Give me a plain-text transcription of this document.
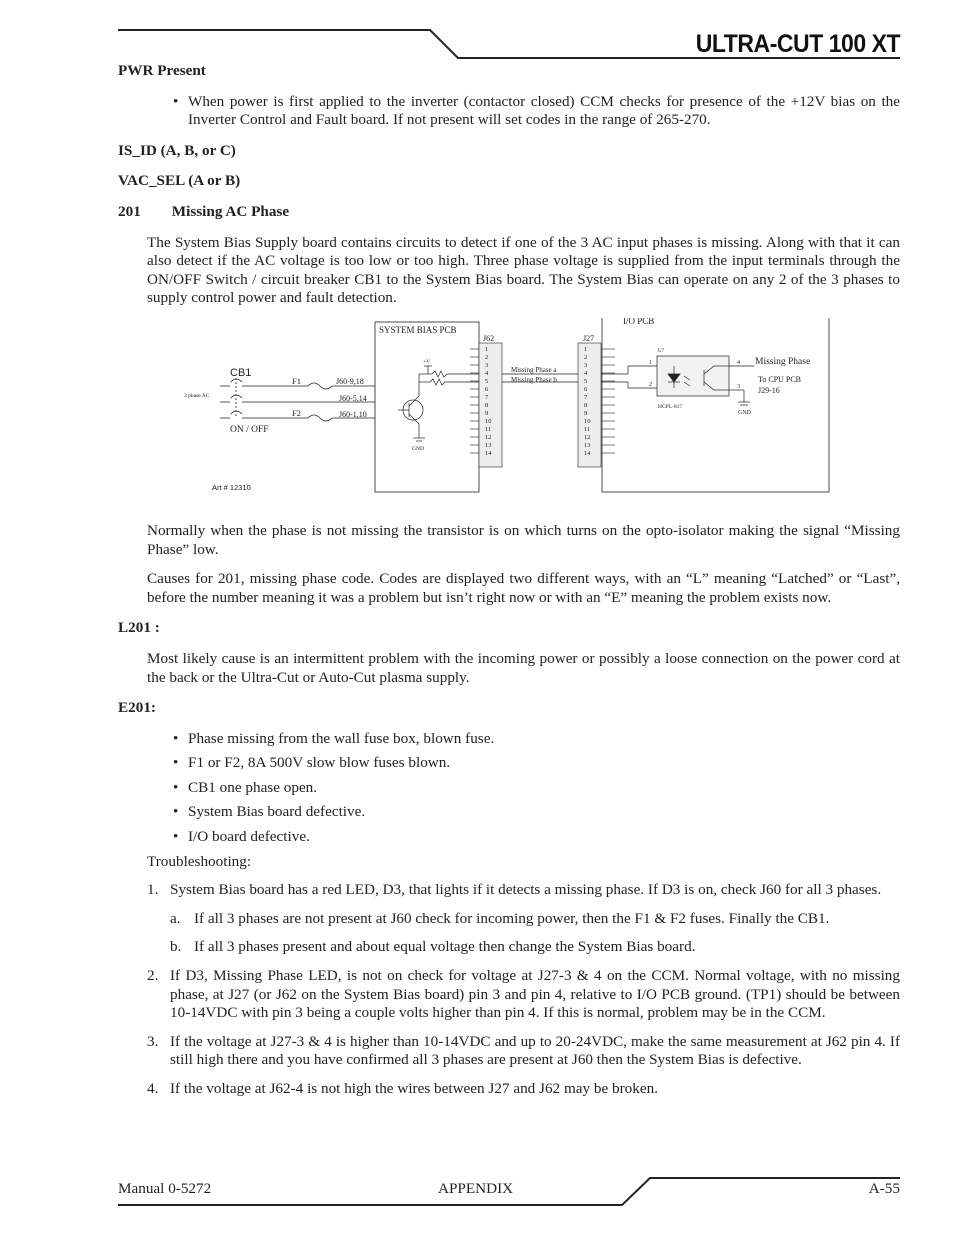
ULTRA-CUT 100 XT

PWR Present

• When power is first applied to the inverter (contactor closed) CCM checks for presence of the +12V bias on the Inverter Control and Fault board. If not present will set codes in the range of 265-270.

IS_ID (A, B, or C)

VAC_SEL (A or B)

201 Missing AC Phase

The System Bias Supply board contains circuits to detect if one of the 3 AC input phases is missing. Along with that it can also detect if the AC voltage is too low or too high. Three phase voltage is supplied from the input terminals through the ON/OFF Switch / circuit breaker CB1 to the System Bias board. The System Bias can operate on any 2 of the 3 phases to supply control power and fault detection.

SYSTEM BIAS PCB
J62
1
2
3
4
5
6
7
8
9
10
11
12
13
14
CB1
3 phase AC
ON / OFF
F1
F2
J60-9,18
J60-5,14
J60-1,10
+V
GND
Missing Phase a
Missing Phase b
J27
1
2
3
4
5
6
7
8
9
10
11
12
13
14
I/O PCB
U7
1
2	3
4
HCPL-817
GND
Missing Phase
To CPU PCB
J29-16
Art # 12310

Normally when the phase is not missing the transistor is on which turns on the opto-isolator making the signal “Missing Phase” low.

Causes for 201, missing phase code. Codes are displayed two different ways, with an “L” meaning “Latched” or “Last”, before the number meaning it was a problem but isn’t right now or with an “E” meaning the problem exists now.

L201 :

Most likely cause is an intermittent problem with the incoming power or possibly a loose connection on the power cord at the back or the Ultra-Cut or Auto-Cut plasma supply.

E201:

• Phase missing from the wall fuse box, blown fuse.
• F1 or F2, 8A 500V slow blow fuses blown.
• CB1 one phase open.
• System Bias board defective.
• I/O board defective.

Troubleshooting:

1. System Bias board has a red LED, D3, that lights if it detects a missing phase. If D3 is on, check J60 for all 3 phases.
a. If all 3 phases are not present at J60 check for incoming power, then the F1 & F2 fuses. Finally the CB1.
b. If all 3 phases present and about equal voltage then change the System Bias board.
2. If D3, Missing Phase LED, is not on check for voltage at J27-3 & 4 on the CCM. Normal voltage, with no missing phase, at J27 (or J62 on the System Bias board) pin 3 and pin 4, relative to I/O PCB ground. (TP1) should be between 10-14VDC with pin 3 being a couple volts higher than pin 4. If this is normal, problem may be in the CCM.
3. If the voltage at J27-3 & 4 is higher than 10-14VDC and up to 20-24VDC, make the same measurement at J62 pin 4. If still high there and you have confirmed all 3 phases are present at J60 then the System Bias is defective.
4. If the voltage at J62-4 is not high the wires between J27 and J62 may be broken.
Manual 0-5272	APPENDIX	A-55
